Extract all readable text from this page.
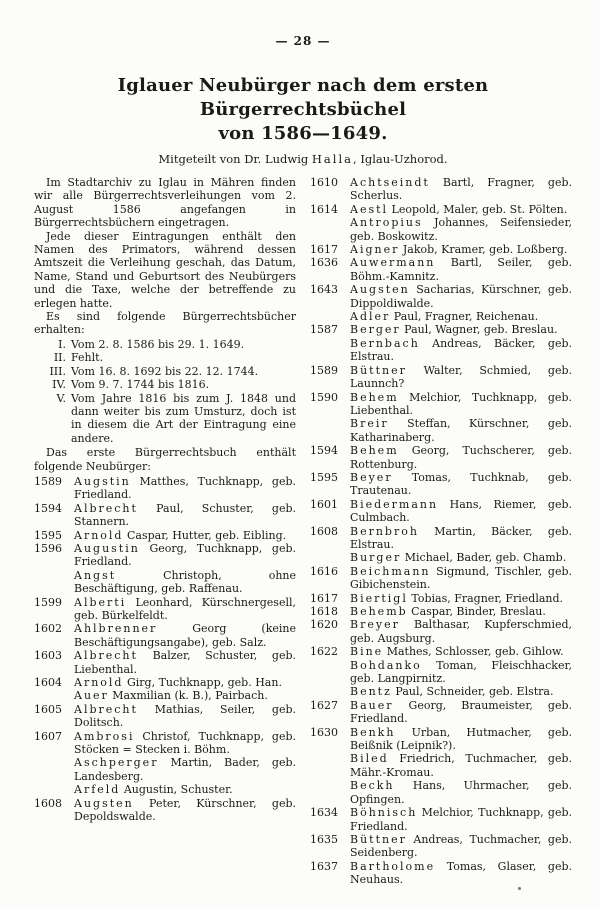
— 28 —
Iglauer Neubürger nach dem ersten Bürgerrechtsbüchel
von 1586—1649.
Mitgeteilt von Dr. Ludwig Halla, Iglau-Uzhorod.

Im Stadtarchiv zu Iglau in Mähren finden wir alle Bürgerrechtsverleihungen vom 2. August 1586 angefangen in Bürgerrechtsbüchern eingetragen.

Jede dieser Eintragungen enthält den Namen des Primators, während dessen Amtszeit die Verleihung geschah, das Datum, Name, Stand und Geburtsort des Neubürgers und die Taxe, welche der betreffende zu erlegen hatte.

Es sind folgende Bürgerrechtsbücher erhalten:

I. Vom 2. 8. 1586 bis 29. 1. 1649.
II. Fehlt.
III. Vom 16. 8. 1692 bis 22. 12. 1744.
IV. Vom 9. 7. 1744 bis 1816.
V. Vom Jahre 1816 bis zum J. 1848 und dann weiter bis zum Umsturz, doch ist in diesem die Art der Eintragung eine andere.

Das erste Bürgerrechtsbuch enthält folgende Neubürger:

1589	Augstin Matthes, Tuchknapp, geb. Friedland.
1594	Albrecht Paul, Schuster, geb. Stannern.
1595	Arnold Caspar, Hutter, geb. Eibling.
1596	Augustin Georg, Tuchknapp, geb. Friedland.
Angst	Christoph, ohne Beschäftigung, geb. Raffenau.
1599	Alberti Leonhard, Kürschnergesell, geb. Bürkelfeldt.
1602	Ahlbrenner	Georg (keine Beschäftigungsangabe), geb. Salz.
1603	Albrecht Balzer, Schuster, geb. Liebenthal.
1604	Arnold Girg, Tuchknapp, geb. Han.
Auer Maxmilian (k. B.), Pairbach.
1605	Albrecht Mathias, Seiler, geb. Dolitsch.
1607	Ambrosi Christof, Tuchknapp, geb. Stöcken = Stecken i. Böhm.
Aschperger Martin, Bader, geb. Landesberg.
Arfeld Augustin, Schuster.
1608	Augsten Peter, Kürschner, geb. Depoldswalde.
1610	Achtseindt Bartl, Fragner, geb. Scherlus.
1614	Aestl Leopold, Maler, geb. St. Pölten.
Antropius Johannes, Seifensieder, geb. Boskowitz.
1617	Aigner Jakob, Kramer, geb. Loßberg.
1636	Auwermann Bartl, Seiler, geb. Böhm.-Kamnitz.
1643	Augsten Sacharias, Kürschner, geb. Dippoldiwalde.
Adler Paul, Fragner, Reichenau.
1587	Berger Paul, Wagner, geb. Breslau.
Bernbach Andreas, Bäcker, geb. Elstrau.
1589	Büttner Walter, Schmied, geb. Launnch?
1590	Behem Melchior, Tuchknapp, geb. Liebenthal.
Breir Steffan, Kürschner, geb. Katharinaberg.
1594	Behem Georg, Tuchscherer, geb. Rottenburg.
1595	Beyer Tomas, Tuchknab, geb. Trautenau.
1601	Biedermann Hans, Riemer, geb. Culmbach.
1608	Bernbroh Martin, Bäcker, geb. Elstrau.
Burger Michael, Bader, geb. Chamb.
1616	Beichmann Sigmund, Tischler, geb. Gibichenstein.
1617	Biertigl Tobias, Fragner, Friedland.
1618	Behemb Caspar, Binder, Breslau.
1620	Breyer Balthasar, Kupferschmied, geb. Augsburg.
1622	Bine Mathes, Schlosser, geb. Gihlow.
Bohdanko Toman, Fleischhacker, geb. Langpirnitz.
Bentz Paul, Schneider, geb. Elstra.
1627	Bauer Georg, Braumeister, geb. Friedland.
1630	Benkh Urban, Hutmacher, geb. Beißnik (Leipnik?).
Biled Friedrich, Tuchmacher, geb. Mähr.-Kromau.
Beckh Hans, Uhrmacher, geb. Opfingen.
1634	Böhnisch Melchior, Tuchknapp, geb. Friedland.
1635	Büttner Andreas, Tuchmacher, geb. Seidenberg.
1637	Bartholome Tomas, Glaser, geb. Neuhaus.
